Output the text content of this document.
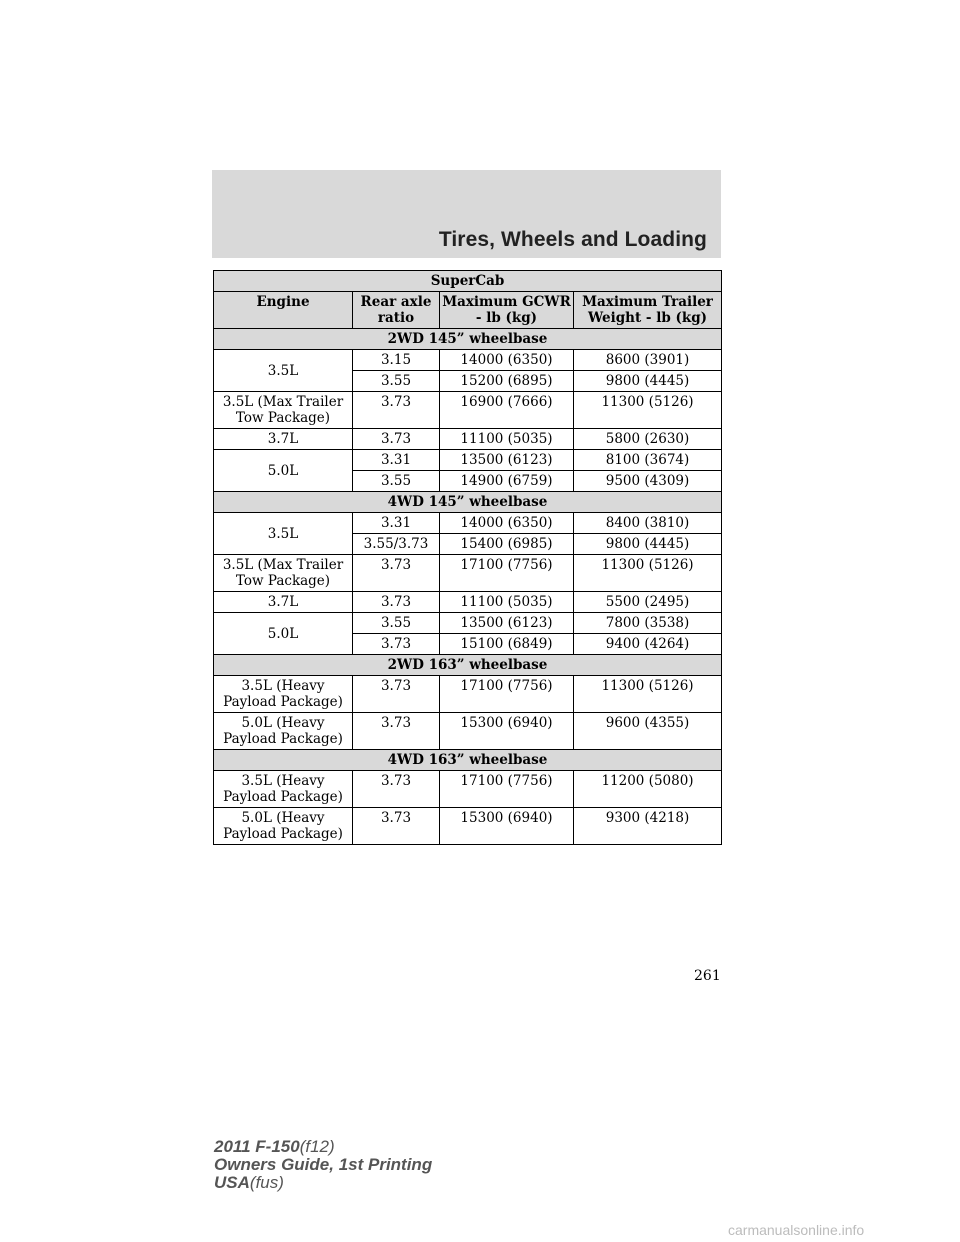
Tires, Wheels and Loading
SuperCab			
Engine	Rear axle ratio	Maximum GCWR - lb (kg)	Maximum Trailer Weight - lb (kg)
2WD 145” wheelbase			
3.5L	3.15	14000 (6350)	8600 (3901)
	3.55	15200 (6895)	9800 (4445)
3.5L (Max Trailer Tow Package)	3.73	16900 (7666)	11300 (5126)
3.7L	3.73	11100 (5035)	5800 (2630)
5.0L	3.31	13500 (6123)	8100 (3674)
	3.55	14900 (6759)	9500 (4309)
4WD 145” wheelbase			
3.5L	3.31	14000 (6350)	8400 (3810)
	3.55/3.73	15400 (6985)	9800 (4445)
3.5L (Max Trailer Tow Package)	3.73	17100 (7756)	11300 (5126)
3.7L	3.73	11100 (5035)	5500 (2495)
5.0L	3.55	13500 (6123)	7800 (3538)
	3.73	15100 (6849)	9400 (4264)
2WD 163” wheelbase			
3.5L (Heavy Payload Package)	3.73	17100 (7756)	11300 (5126)
5.0L (Heavy Payload Package)	3.73	15300 (6940)	9600 (4355)
4WD 163” wheelbase			
3.5L (Heavy Payload Package)	3.73	17100 (7756)	11200 (5080)
5.0L (Heavy Payload Package)	3.73	15300 (6940)	9300 (4218)
261
2011 F-150(f12)
Owners Guide, 1st Printing
USA(fus)
carmanualsonline.info
